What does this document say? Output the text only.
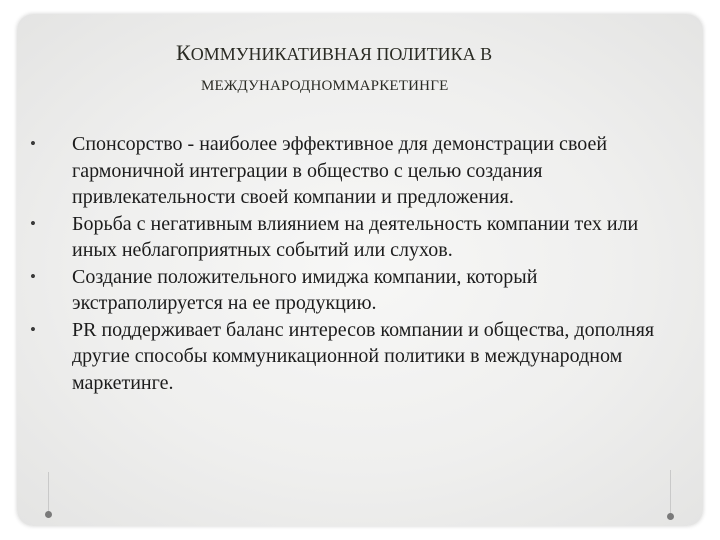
КОММУНИКАТИВНАЯ ПОЛИТИКА В
МЕЖДУНАРОДНОММАРКЕТИНГЕ
• Спонсорство - наиболее эффективное для демонстрации своей гармоничной интеграции в общество с целью создания привлекательности своей компании и предложения.
• Борьба с негативным влиянием на деятельность компании тех или иных неблагоприятных событий или слухов.
• Создание положительного имиджа компании, который экстраполируется на ее продукцию.
• PR поддерживает баланс интересов компании и общества, дополняя другие способы коммуникационной политики в международном маркетинге.
